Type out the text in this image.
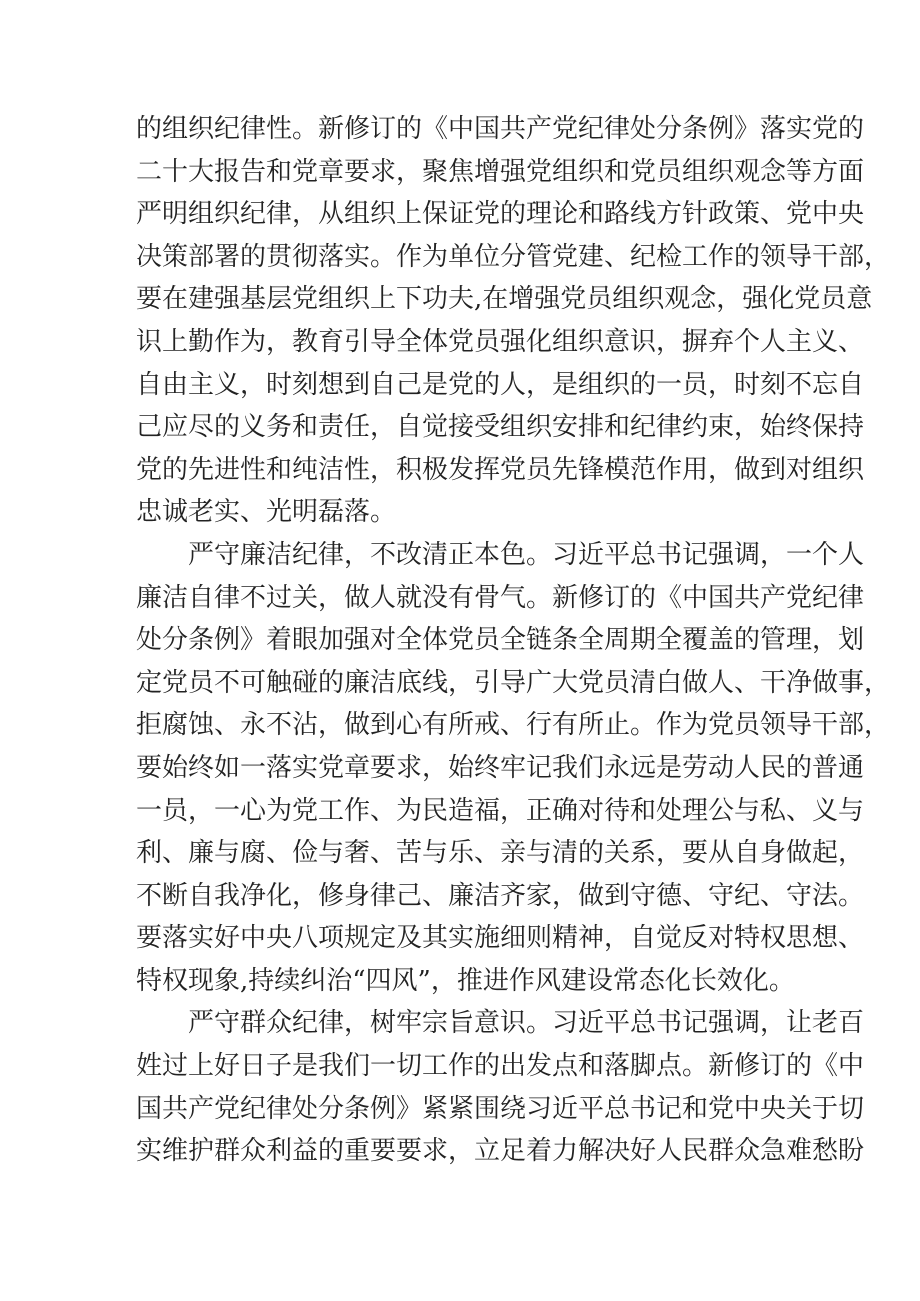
的组织纪律性。新修订的《中国共产党纪律处分条例》落实党的
二十大报告和党章要求，聚焦增强党组织和党员组织观念等方面
严明组织纪律，从组织上保证党的理论和路线方针政策、党中央
决策部署的贯彻落实。作为单位分管党建、纪检工作的领导干部，
要在建强基层党组织上下功夫,在增强党员组织观念，强化党员意
识上勤作为，教育引导全体党员强化组织意识，摒弃个人主义、
自由主义，时刻想到自己是党的人，是组织的一员，时刻不忘自
己应尽的义务和责任，自觉接受组织安排和纪律约束，始终保持
党的先进性和纯洁性，积极发挥党员先锋模范作用，做到对组织
忠诚老实、光明磊落。
严守廉洁纪律，不改清正本色。习近平总书记强调，一个人
廉洁自律不过关，做人就没有骨气。新修订的《中国共产党纪律
处分条例》着眼加强对全体党员全链条全周期全覆盖的管理，划
定党员不可触碰的廉洁底线，引导广大党员清白做人、干净做事，
拒腐蚀、永不沾，做到心有所戒、行有所止。作为党员领导干部，
要始终如一落实党章要求，始终牢记我们永远是劳动人民的普通
一员，一心为党工作、为民造福，正确对待和处理公与私、义与
利、廉与腐、俭与奢、苦与乐、亲与清的关系，要从自身做起，
不断自我净化，修身律己、廉洁齐家，做到守德、守纪、守法。
要落实好中央八项规定及其实施细则精神，自觉反对特权思想、
特权现象,持续纠治“四风”，推进作风建设常态化长效化。
严守群众纪律，树牢宗旨意识。习近平总书记强调，让老百
姓过上好日子是我们一切工作的出发点和落脚点。新修订的《中
国共产党纪律处分条例》紧紧围绕习近平总书记和党中央关于切
实维护群众利益的重要要求，立足着力解决好人民群众急难愁盼
